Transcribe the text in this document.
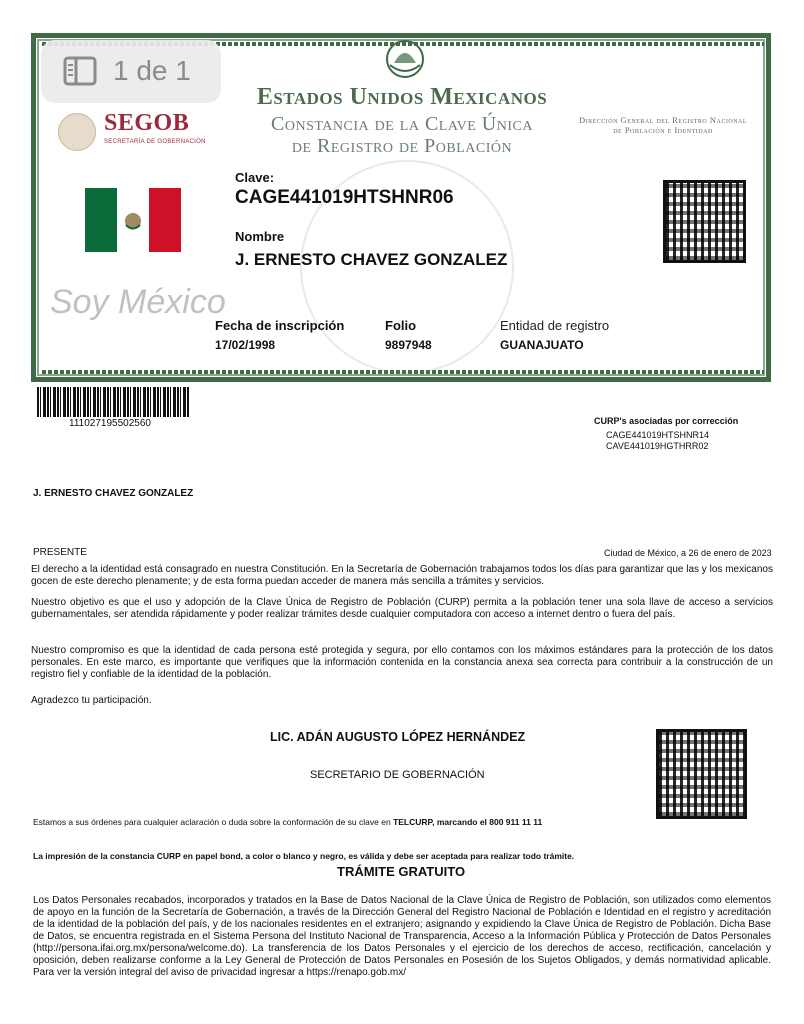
Estados Unidos Mexicanos
Constancia de la Clave Única
de Registro de Población
Dirección General del Registro Nacional de Población e Identidad
SEGOB
SECRETARÍA DE GOBERNACIÓN
Soy México
Clave:
CAGE441019HTSHNR06
Nombre
J. ERNESTO CHAVEZ GONZALEZ
Fecha de inscripción
17/02/1998
Folio
9897948
Entidad de registro
GUANAJUATO
1 de 1
111027195502560	CURP's asociadas por corrección
CAGE441019HTSHNR14
CAVE441019HGTHRR02
J. ERNESTO CHAVEZ GONZALEZ
PRESENTE	Ciudad de México, a 26 de enero de 2023
El derecho a la identidad está consagrado en nuestra Constitución. En la Secretaría de Gobernación trabajamos todos los días para garantizar que las y los mexicanos gocen de este derecho plenamente; y de esta forma puedan acceder de manera más sencilla a trámites y servicios.
Nuestro objetivo es que el uso y adopción de la Clave Única de Registro de Población (CURP) permita a la población tener una sola llave de acceso a servicios gubernamentales, ser atendida rápidamente y poder realizar trámites desde cualquier computadora con acceso a internet dentro o fuera del país.
Nuestro compromiso es que la identidad de cada persona esté protegida y segura, por ello contamos con los máximos estándares para la protección de los datos personales. En este marco, es importante que verifiques que la información contenida en la constancia anexa sea correcta para contribuir a la construcción de un registro fiel y confiable de la identidad de la población.
Agradezco tu participación.
LIC. ADÁN AUGUSTO LÓPEZ HERNÁNDEZ
SECRETARIO DE GOBERNACIÓN
Estamos a sus órdenes para cualquier aclaración o duda sobre la conformación de su clave en TELCURP, marcando el 800 911 11 11
La impresión de la constancia CURP en papel bond, a color o blanco y negro, es válida y debe ser aceptada para realizar todo trámite.
TRÁMITE GRATUITO
Los Datos Personales recabados, incorporados y tratados en la Base de Datos Nacional de la Clave Única de Registro de Población, son utilizados como elementos de apoyo en la función de la Secretaría de Gobernación, a través de la Dirección General del Registro Nacional de Población e Identidad en el registro y acreditación de la identidad de la población del país, y de los nacionales residentes en el extranjero; asignando y expidiendo la Clave Única de Registro de Población. Dicha Base de Datos, se encuentra registrada en el Sistema Persona del Instituto Nacional de Transparencia, Acceso a la Información Pública y Protección de Datos Personales (http://persona.ifai.org.mx/persona/welcome.do). La transferencia de los Datos Personales y el ejercicio de los derechos de acceso, rectificación, cancelación y oposición, deben realizarse conforme a la Ley General de Protección de Datos Personales en Posesión de los Sujetos Obligados, y demás normatividad aplicable. Para ver la versión integral del aviso de privacidad ingresar a https://renapo.gob.mx/
